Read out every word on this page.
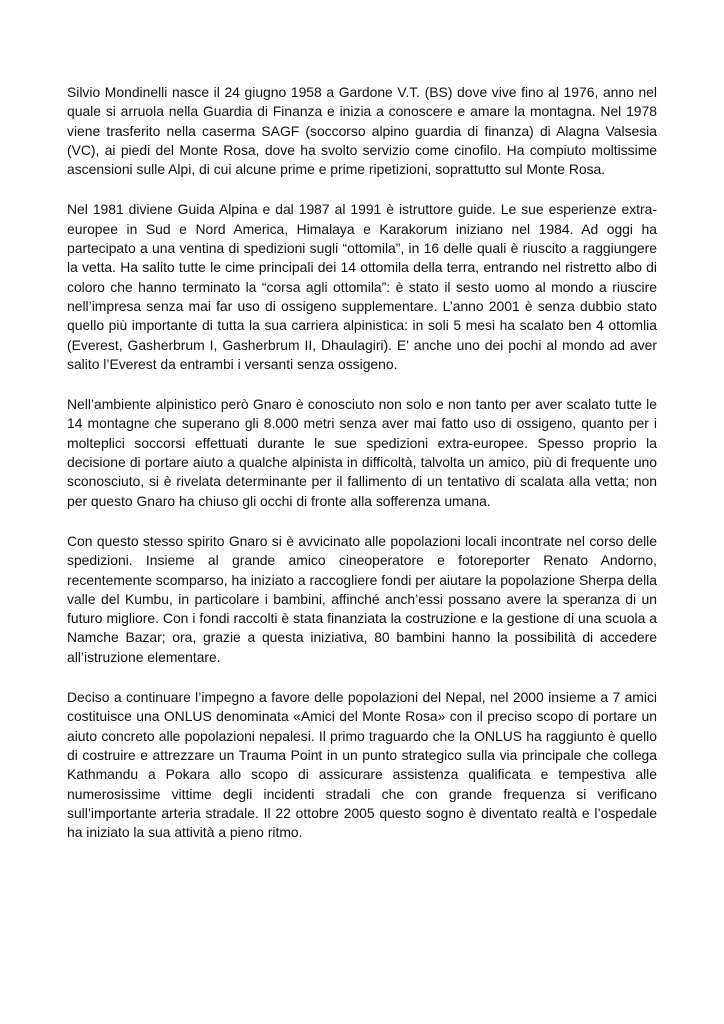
Silvio Mondinelli nasce il 24 giugno 1958 a Gardone V.T. (BS) dove vive fino al 1976, anno nel quale si arruola nella Guardia di Finanza e inizia a conoscere e amare la montagna. Nel 1978 viene trasferito nella caserma SAGF (soccorso alpino guardia di finanza) di Alagna Valsesia (VC), ai piedi del Monte Rosa, dove ha svolto servizio come cinofilo. Ha compiuto moltissime ascensioni sulle Alpi, di cui alcune prime e prime ripetizioni, soprattutto sul Monte Rosa.

Nel 1981 diviene Guida Alpina e dal 1987 al 1991 è istruttore guide. Le sue esperienze extra-europee in Sud e Nord America, Himalaya e Karakorum iniziano nel 1984. Ad oggi ha partecipato a una ventina di spedizioni sugli “ottomila”, in 16 delle quali è riuscito a raggiungere la vetta. Ha salito tutte le cime principali dei 14 ottomila della terra, entrando nel ristretto albo di coloro che hanno terminato la “corsa agli ottomila”: è stato il sesto uomo al mondo a riuscire nell’impresa senza mai far uso di ossigeno supplementare. L’anno 2001 è senza dubbio stato quello più importante di tutta la sua carriera alpinistica: in soli 5 mesi ha scalato ben 4 ottomlia (Everest, Gasherbrum I, Gasherbrum II, Dhaulagiri). E' anche uno dei pochi al mondo ad aver salito l’Everest da entrambi i versanti senza ossigeno.

Nell’ambiente alpinistico però Gnaro è conosciuto non solo e non tanto per aver scalato tutte le 14 montagne che superano gli 8.000 metri senza aver mai fatto uso di ossigeno, quanto per i molteplici soccorsi effettuati durante le sue spedizioni extra-europee. Spesso proprio la decisione di portare aiuto a qualche alpinista in difficoltà, talvolta un amico, più di frequente uno sconosciuto, si è rivelata determinante per il fallimento di un tentativo di scalata alla vetta; non per questo Gnaro ha chiuso gli occhi di fronte alla sofferenza umana.

Con questo stesso spirito Gnaro si è avvicinato alle popolazioni locali incontrate nel corso delle spedizioni. Insieme al grande amico cineoperatore e fotoreporter Renato Andorno, recentemente scomparso, ha iniziato a raccogliere fondi per aiutare la popolazione Sherpa della valle del Kumbu, in particolare i bambini, affinché anch’essi possano avere la speranza di un futuro migliore. Con i fondi raccolti è stata finanziata la costruzione e la gestione di una scuola a Namche Bazar; ora, grazie a questa iniziativa, 80 bambini hanno la possibilità di accedere all’istruzione elementare.

Deciso a continuare l’impegno a favore delle popolazioni del Nepal, nel 2000 insieme a 7 amici costituisce una ONLUS denominata «Amici del Monte Rosa» con il preciso scopo di portare un aiuto concreto alle popolazioni nepalesi. Il primo traguardo che la ONLUS ha raggiunto è quello di costruire e attrezzare un Trauma Point in un punto strategico sulla via principale che collega Kathmandu a Pokara allo scopo di assicurare assistenza qualificata e tempestiva alle numerosissime vittime degli incidenti stradali che con grande frequenza si verificano sull’importante arteria stradale. Il 22 ottobre 2005 questo sogno è diventato realtà e l’ospedale ha iniziato la sua attività a pieno ritmo.
